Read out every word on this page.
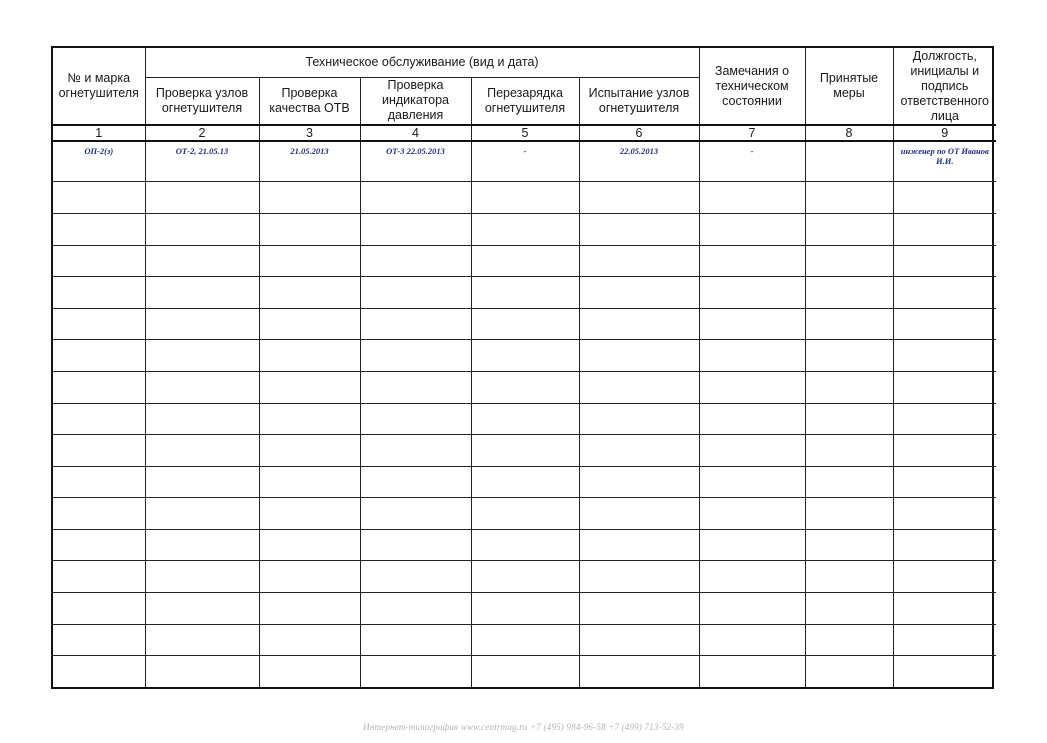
№ и марка огнетушителя	Техническое обслуживание (вид и дата)					Замечания о техническом состоянии	Принятые меры	Должгость, инициалы и подпись ответственного лица
	Проверка узлов огнетушителя	Проверка качества ОТВ	Проверка индикатора давления	Перезарядка огнетушителя	Испытание узлов огнетушителя			
1	2	3	4	5	6	7	8	9
ОП-2(з)	ОТ-2, 21.05.13	21.05.2013	ОТ-3 22.05.2013	-	22.05.2013	-		инженер по ОТ Иванов И.И.

Интернет-типография www.centrmag.ru +7 (495) 984-96-58 +7 (499) 713-52-39
